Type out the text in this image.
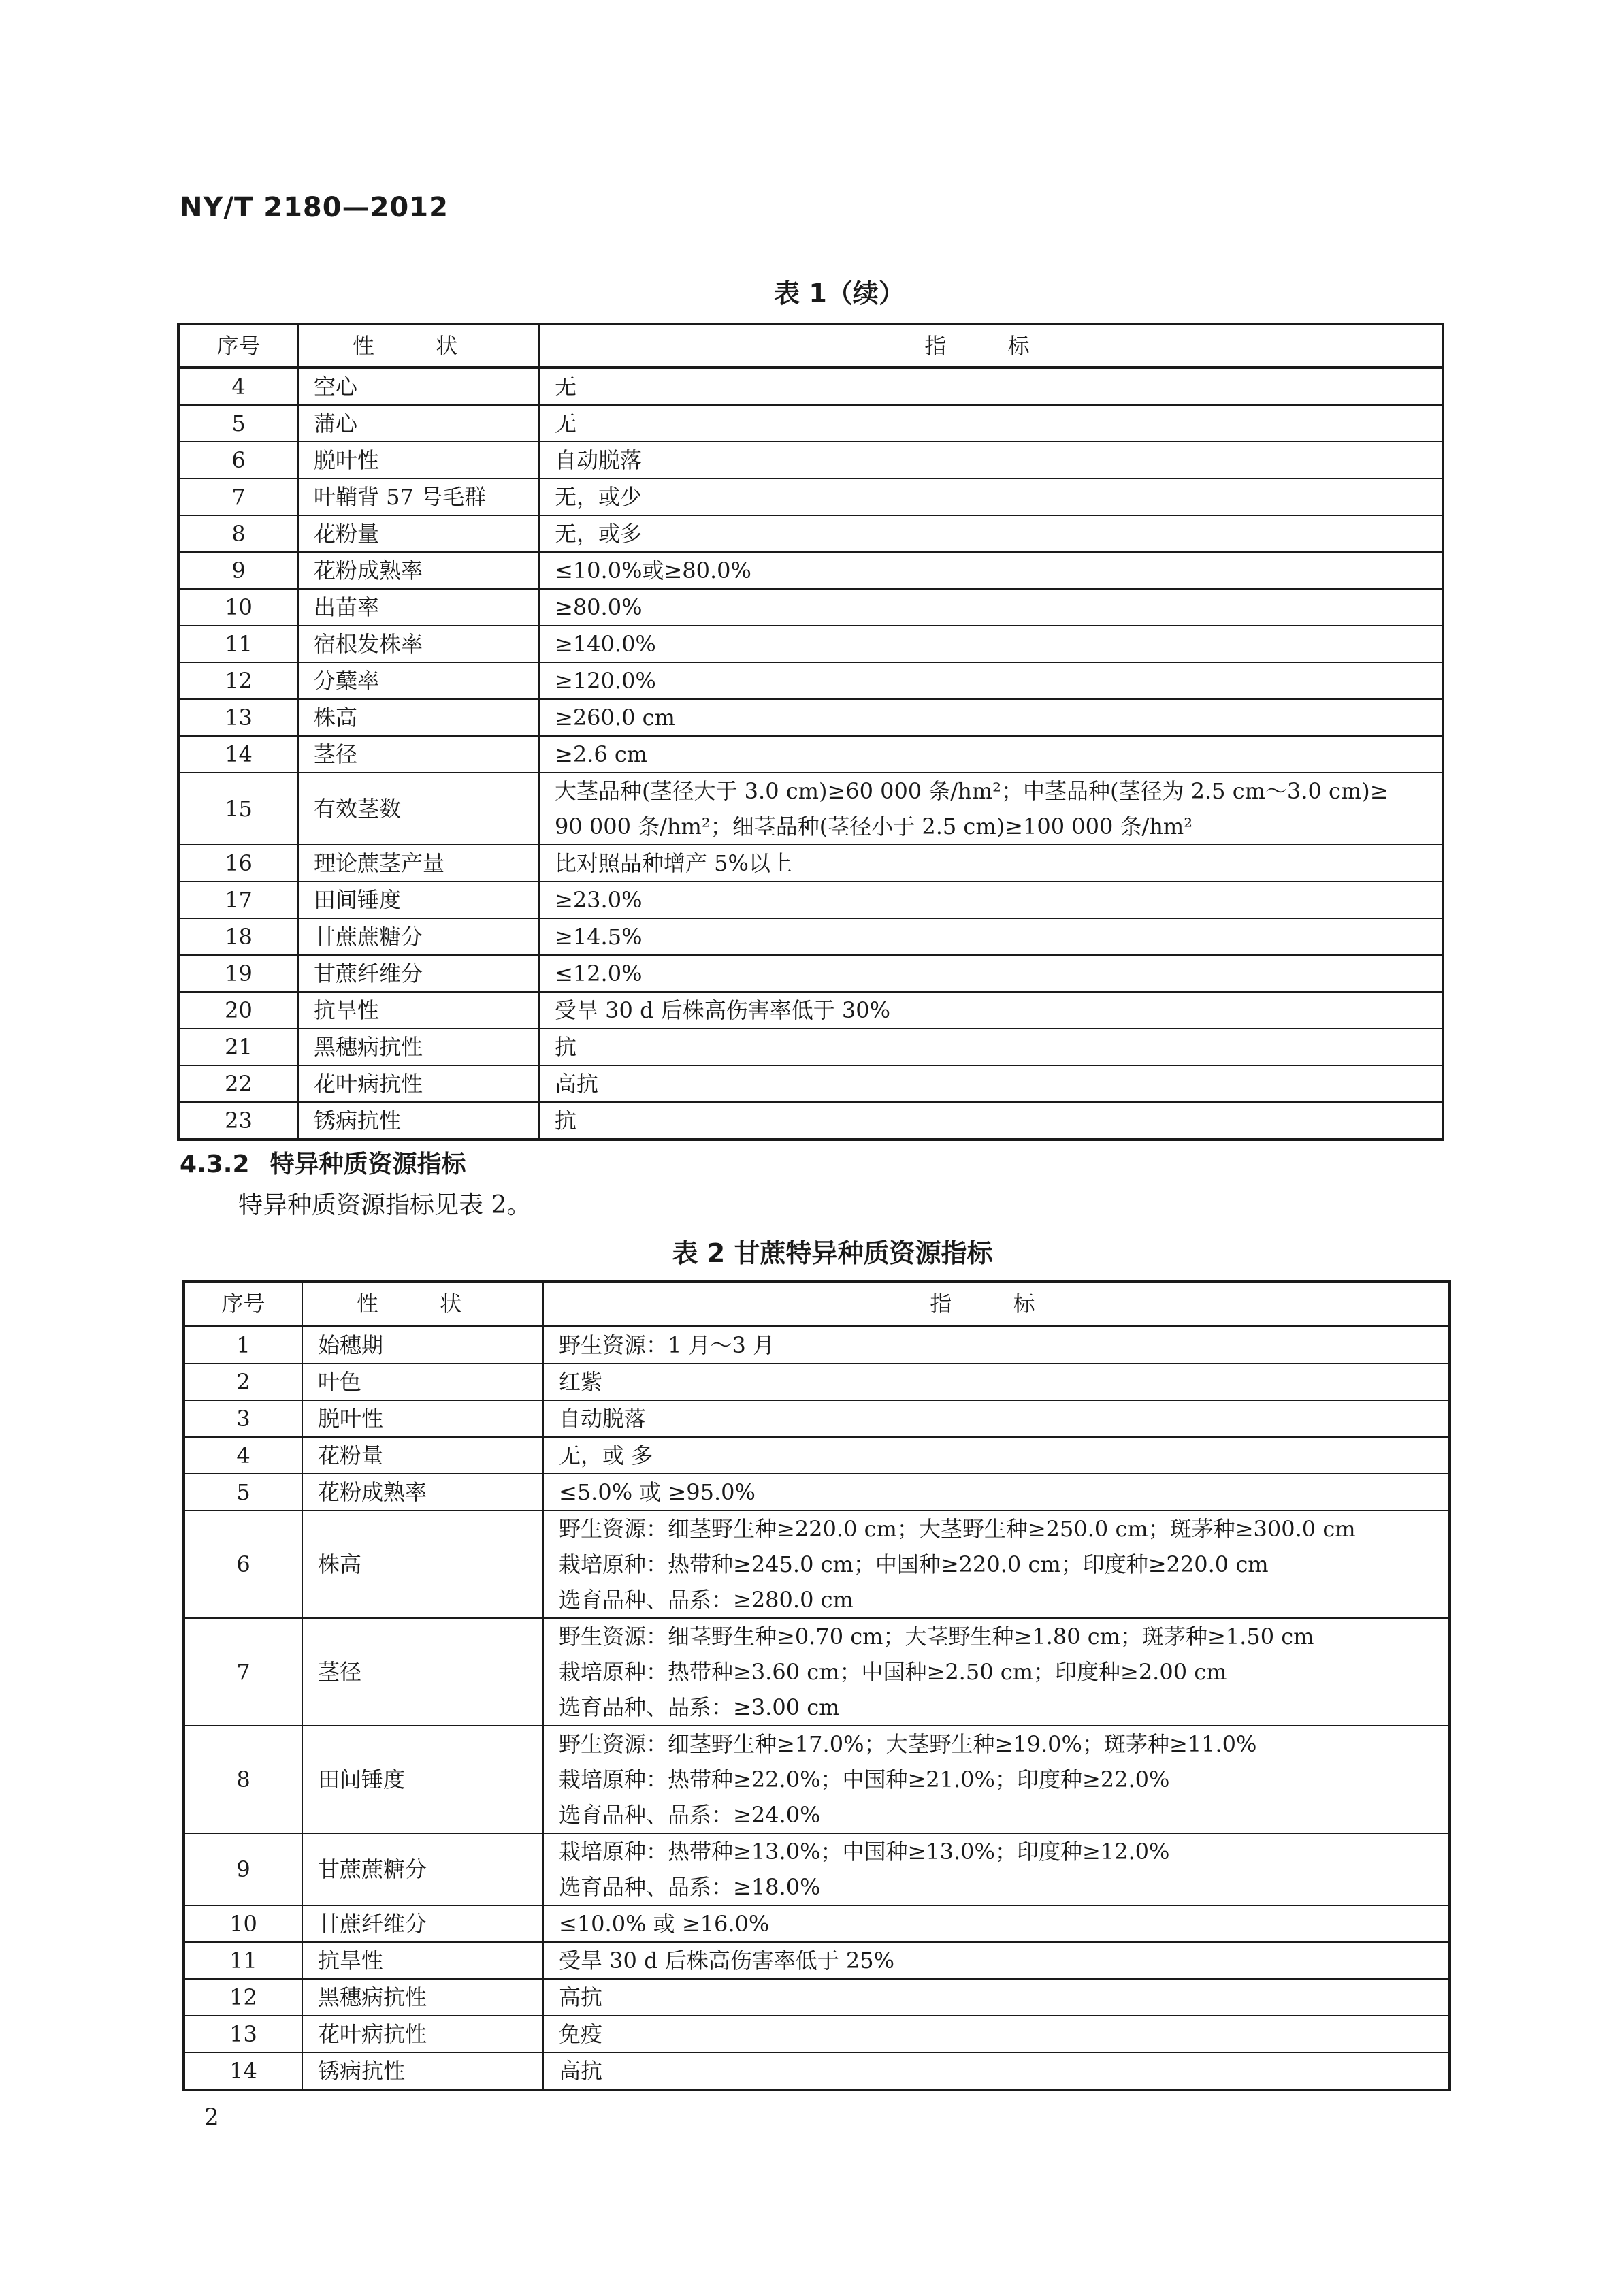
NY/T 2180—2012
表 1（续）
序号	性 状	指 标
4	空心	无

5	蒲心	无

6	脱叶性	自动脱落

7	叶鞘背 57 号毛群	无，或少

8	花粉量	无，或多

9	花粉成熟率	≤10.0%或≥80.0%

10	出苗率	≥80.0%

11	宿根发株率	≥140.0%

12	分蘖率	≥120.0%

13	株高	≥260.0 cm

14	茎径	≥2.6 cm

15	有效茎数	大茎品种(茎径大于 3.0 cm)≥60 000 条/hm²；中茎品种(茎径为 2.5 cm～3.0 cm)≥
90 000 条/hm²；细茎品种(茎径小于 2.5 cm)≥100 000 条/hm²

16	理论蔗茎产量	比对照品种增产 5%以上

17	田间锤度	≥23.0%

18	甘蔗蔗糖分	≥14.5%

19	甘蔗纤维分	≤12.0%

20	抗旱性	受旱 30 d 后株高伤害率低于 30%

21	黑穗病抗性	抗

22	花叶病抗性	高抗

23	锈病抗性	抗
4.3.2 特异种质资源指标
特异种质资源指标见表 2。
表 2 甘蔗特异种质资源指标
序号	性 状	指 标
1	始穗期	野生资源：1 月～3 月

2	叶色	红紫

3	脱叶性	自动脱落

4	花粉量	无，或 多

5	花粉成熟率	≤5.0% 或 ≥95.0%

6	株高	野生资源：细茎野生种≥220.0 cm；大茎野生种≥250.0 cm；斑茅种≥300.0 cm
栽培原种：热带种≥245.0 cm；中国种≥220.0 cm；印度种≥220.0 cm
选育品种、品系：≥280.0 cm

7	茎径	野生资源：细茎野生种≥0.70 cm；大茎野生种≥1.80 cm；斑茅种≥1.50 cm
栽培原种：热带种≥3.60 cm；中国种≥2.50 cm；印度种≥2.00 cm
选育品种、品系：≥3.00 cm

8	田间锤度	野生资源：细茎野生种≥17.0%；大茎野生种≥19.0%；斑茅种≥11.0%
栽培原种：热带种≥22.0%；中国种≥21.0%；印度种≥22.0%
选育品种、品系：≥24.0%

9	甘蔗蔗糖分	栽培原种：热带种≥13.0%；中国种≥13.0%；印度种≥12.0%
选育品种、品系：≥18.0%

10	甘蔗纤维分	≤10.0% 或 ≥16.0%

11	抗旱性	受旱 30 d 后株高伤害率低于 25%

12	黑穗病抗性	高抗

13	花叶病抗性	免疫

14	锈病抗性	高抗
2
